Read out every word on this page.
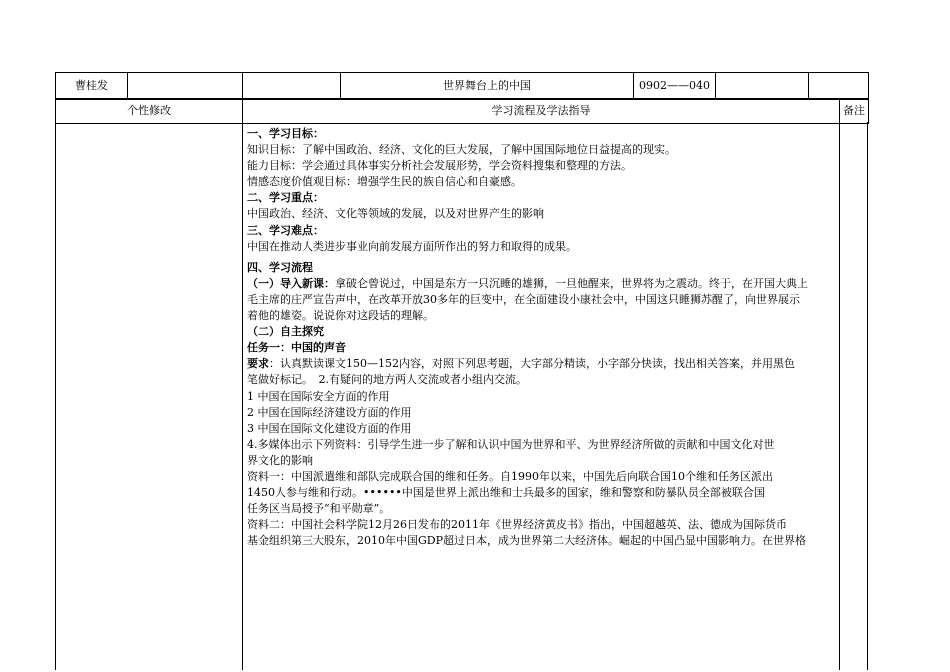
曹桂发			世界舞台上的中国	0902——040		
个性修改	学习流程及学法指导	备注

一、学习目标：

知识目标：了解中国政治、经济、文化的巨大发展，了解中国国际地位日益提高的现实。

能力目标：学会通过具体事实分析社会发展形势，学会资料搜集和整理的方法。

情感态度价值观目标：增强学生民的族自信心和自豪感。

二、学习重点：

中国政治、经济、文化等领域的发展，以及对世界产生的影响

三、学习难点：

中国在推动人类进步事业向前发展方面所作出的努力和取得的成果。

四、学习流程

（一）导入新课：拿破仑曾说过，中国是东方一只沉睡的雄狮，一旦他醒来，世界将为之震动。终于，在开国大典上

毛主席的庄严宣告声中，在改革开放30多年的巨变中，在全面建设小康社会中，中国这只睡狮苏醒了，向世界展示

着他的雄姿。说说你对这段话的理解。

（二）自主探究

任务一：中国的声音

要求：认真默读课文150—152内容，对照下列思考题，大字部分精读，小字部分快读，找出相关答案，并用黑色

笔做好标记。　2.有疑问的地方两人交流或者小组内交流。

1 中国在国际安全方面的作用

2 中国在国际经济建设方面的作用

3 中国在国际文化建设方面的作用

4.多媒体出示下列资料：引导学生进一步了解和认识中国为世界和平、为世界经济所做的贡献和中国文化对世

界文化的影响

资料一：中国派遣维和部队完成联合国的维和任务。自1990年以来，中国先后向联合国10个维和任务区派出

1450人参与维和行动。••••••中国是世界上派出维和士兵最多的国家，维和警察和防暴队员全部被联合国

任务区当局授予“和平勋章”。

资料二：中国社会科学院12月26日发布的2011年《世界经济黄皮书》指出，中国超越英、法、德成为国际货币

基金组织第三大股东，2010年中国GDP超过日本，成为世界第二大经济体。崛起的中国凸显中国影响力。在世界格
